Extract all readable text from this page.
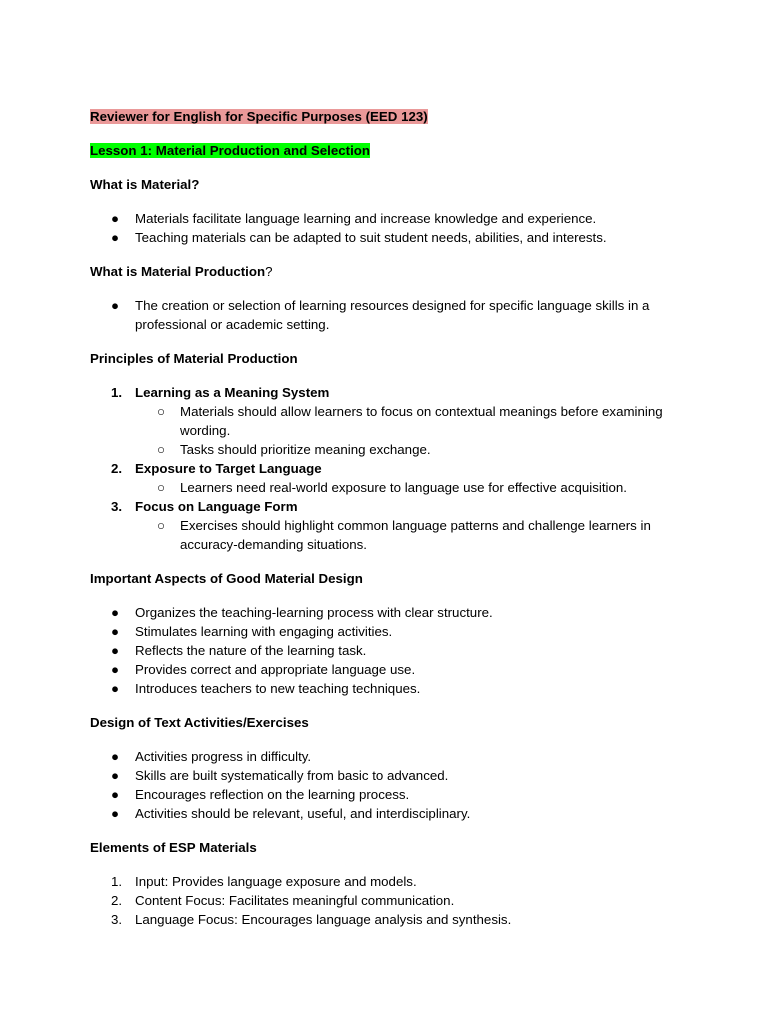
Reviewer for English for Specific Purposes (EED 123)

Lesson 1: Material Production and Selection

What is Material?

●	Materials facilitate language learning and increase knowledge and experience.
●	Teaching materials can be adapted to suit student needs, abilities, and interests.

What is Material Production?

●	The creation or selection of learning resources designed for specific language skills in a professional or academic setting.

Principles of Material Production

1. Learning as a Meaning System
○	Materials should allow learners to focus on contextual meanings before examining wording.
○	Tasks should prioritize meaning exchange.
2. Exposure to Target Language
○	Learners need real-world exposure to language use for effective acquisition.
3. Focus on Language Form
○	Exercises should highlight common language patterns and challenge learners in accuracy-demanding situations.

Important Aspects of Good Material Design

●	Organizes the teaching-learning process with clear structure.
●	Stimulates learning with engaging activities.
●	Reflects the nature of the learning task.
●	Provides correct and appropriate language use.
●	Introduces teachers to new teaching techniques.

Design of Text Activities/Exercises

●	Activities progress in difficulty.
●	Skills are built systematically from basic to advanced.
●	Encourages reflection on the learning process.
●	Activities should be relevant, useful, and interdisciplinary.

Elements of ESP Materials

1. Input: Provides language exposure and models.
2. Content Focus: Facilitates meaningful communication.
3. Language Focus: Encourages language analysis and synthesis.
